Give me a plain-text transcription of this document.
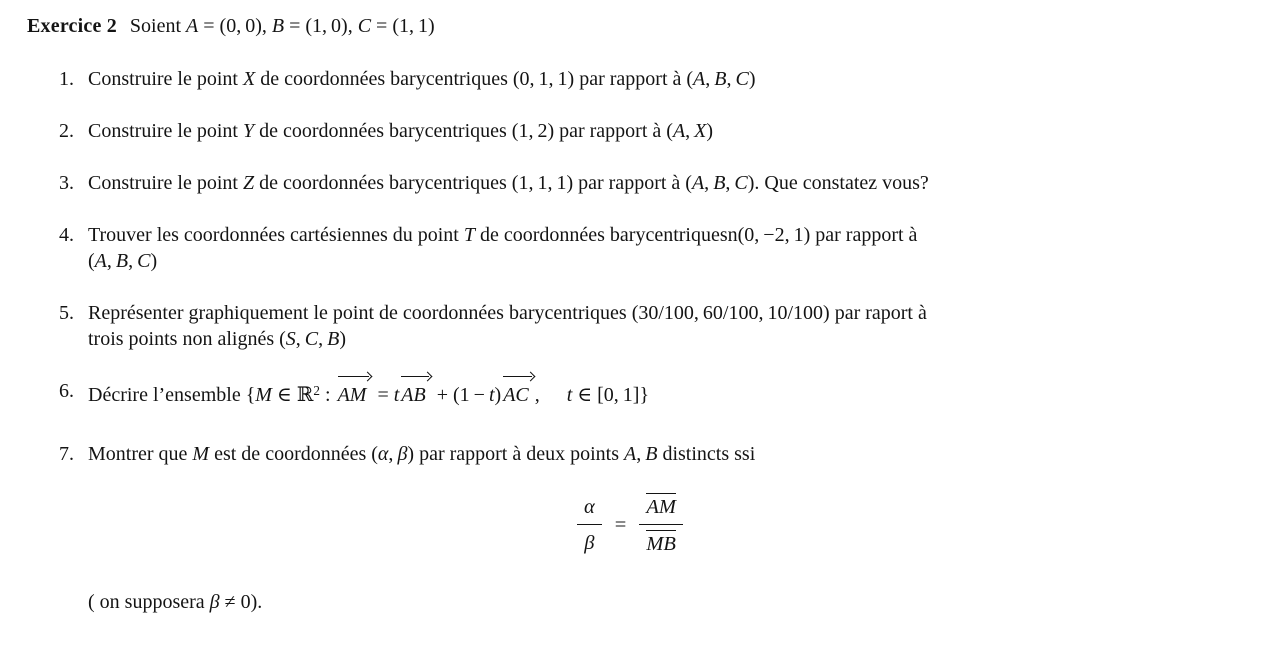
Exercice 2 Soient A = (0, 0), B = (1, 0), C = (1, 1)
1. Construire le point X de coordonnées barycentriques (0, 1, 1) par rapport à (A, B, C)
2. Construire le point Y de coordonnées barycentriques (1, 2) par rapport à (A, X)
3. Construire le point Z de coordonnées barycentriques (1, 1, 1) par rapport à (A, B, C). Que constatez vous?
4. Trouver les coordonnées cartésiennes du point T de coordonnées barycentriquesn(0, −2, 1) par rapport à
(A, B, C)
5. Représenter graphiquement le point de coordonnées barycentriques (30/100, 60/100, 10/100) par raport à
trois points non alignés (S, C, B)
6. Décrire l’ensemble {M ∈ ℝ$^2$ : AM = t AB + (1 − t) AC , t ∈ [0, 1]}
7. Montrer que M est de coordonnées (α, β) par rapport à deux points A, B distincts ssi
$\frac{\alpha}{\beta} = \frac{AM}{MB}$
( on supposera β ≠ 0).
